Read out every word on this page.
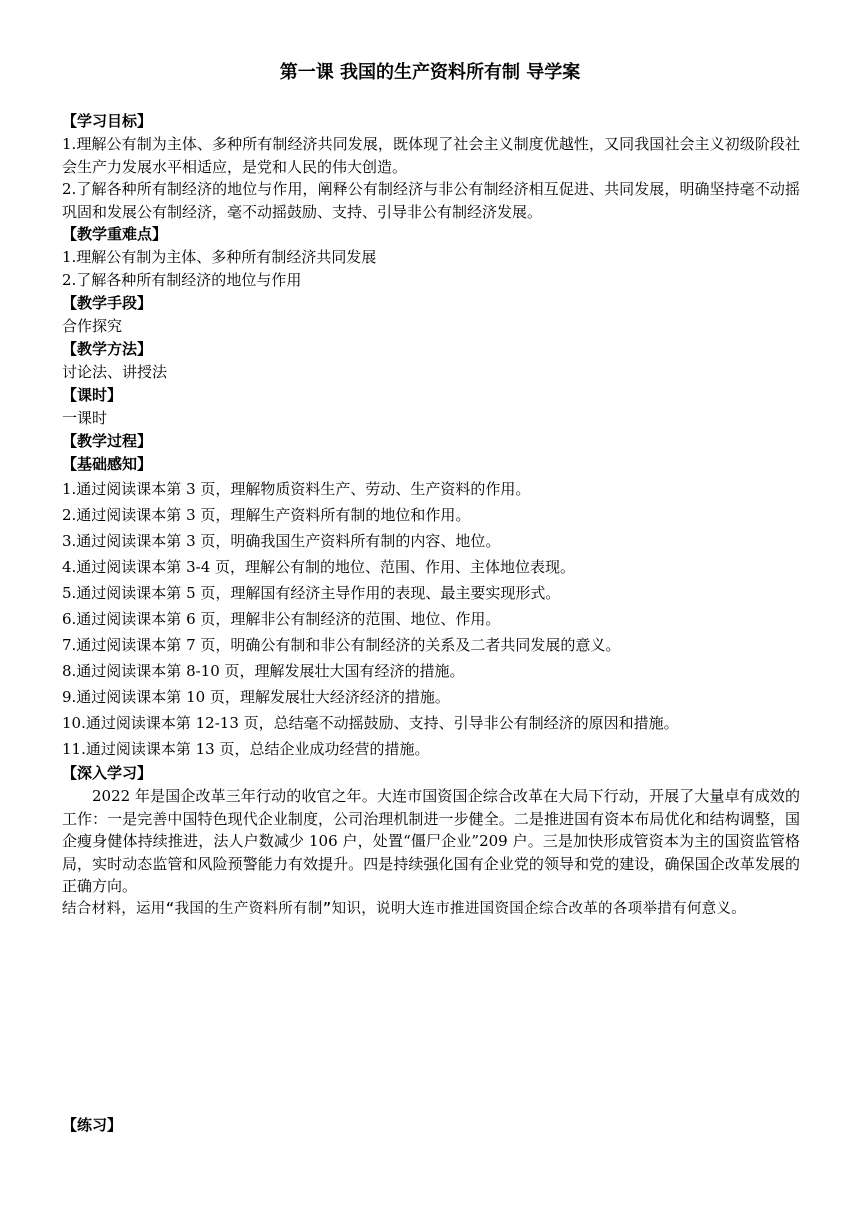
第一课 我国的生产资料所有制 导学案

【学习目标】

1.理解公有制为主体、多种所有制经济共同发展，既体现了社会主义制度优越性，又同我国社会主义初级阶段社会生产力发展水平相适应，是党和人民的伟大创造。

2.了解各种所有制经济的地位与作用，阐释公有制经济与非公有制经济相互促进、共同发展，明确坚持毫不动摇巩固和发展公有制经济，毫不动摇鼓励、支持、引导非公有制经济发展。

【教学重难点】

1.理解公有制为主体、多种所有制经济共同发展

2.了解各种所有制经济的地位与作用

【教学手段】

合作探究

【教学方法】

讨论法、讲授法

【课时】

一课时

【教学过程】

【基础感知】

1.通过阅读课本第 3 页，理解物质资料生产、劳动、生产资料的作用。

2.通过阅读课本第 3 页，理解生产资料所有制的地位和作用。

3.通过阅读课本第 3 页，明确我国生产资料所有制的内容、地位。

4.通过阅读课本第 3-4 页，理解公有制的地位、范围、作用、主体地位表现。

5.通过阅读课本第 5 页，理解国有经济主导作用的表现、最主要实现形式。

6.通过阅读课本第 6 页，理解非公有制经济的范围、地位、作用。

7.通过阅读课本第 7 页，明确公有制和非公有制经济的关系及二者共同发展的意义。

8.通过阅读课本第 8-10 页，理解发展壮大国有经济的措施。

9.通过阅读课本第 10 页，理解发展壮大经济经济的措施。

10.通过阅读课本第 12-13 页，总结毫不动摇鼓励、支持、引导非公有制经济的原因和措施。

11.通过阅读课本第 13 页，总结企业成功经营的措施。

【深入学习】

2022 年是国企改革三年行动的收官之年。大连市国资国企综合改革在大局下行动，开展了大量卓有成效的工作：一是完善中国特色现代企业制度，公司治理机制进一步健全。二是推进国有资本布局优化和结构调整，国企瘦身健体持续推进，法人户数减少 106 户，处置“僵尸企业”209 户。三是加快形成管资本为主的国资监管格局，实时动态监管和风险预警能力有效提升。四是持续强化国有企业党的领导和党的建设，确保国企改革发展的正确方向。

结合材料，运用“我国的生产资料所有制”知识，说明大连市推进国资国企综合改革的各项举措有何意义。

【练习】
